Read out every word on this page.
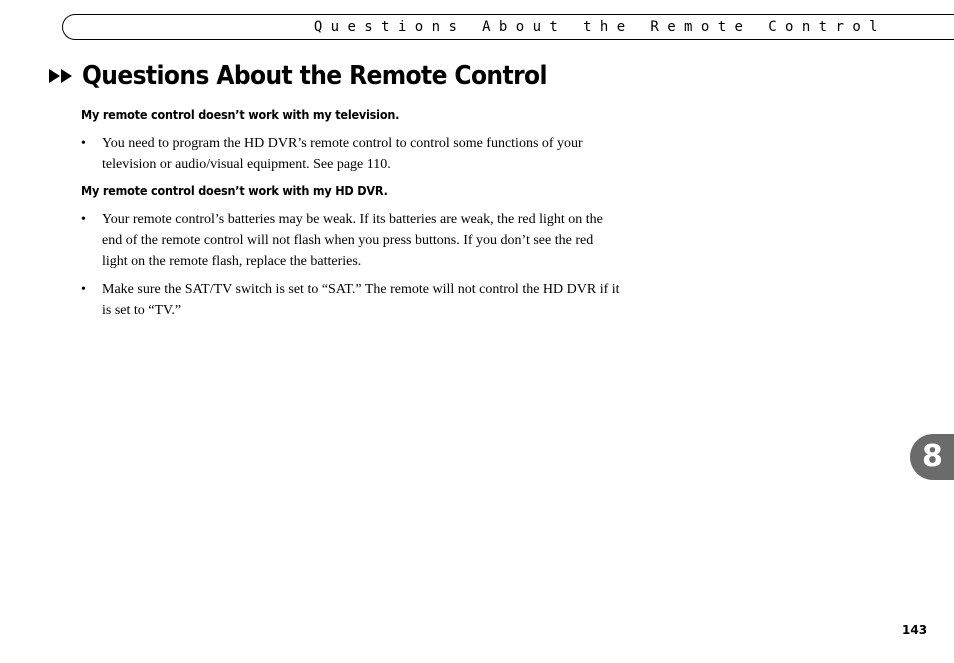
Questions About the Remote Control
Questions About the Remote Control
My remote control doesn’t work with my television.
•	You need to program the HD DVR’s remote control to control some functions of your television or audio/visual equipment. See page 110.
My remote control doesn’t work with my HD DVR.
•	Your remote control’s batteries may be weak. If its batteries are weak, the red light on the end of the remote control will not flash when you press buttons. If you don’t see the red light on the remote flash, replace the batteries.
•	Make sure the SAT/TV switch is set to “SAT.” The remote will not control the HD DVR if it is set to “TV.”
8
143
